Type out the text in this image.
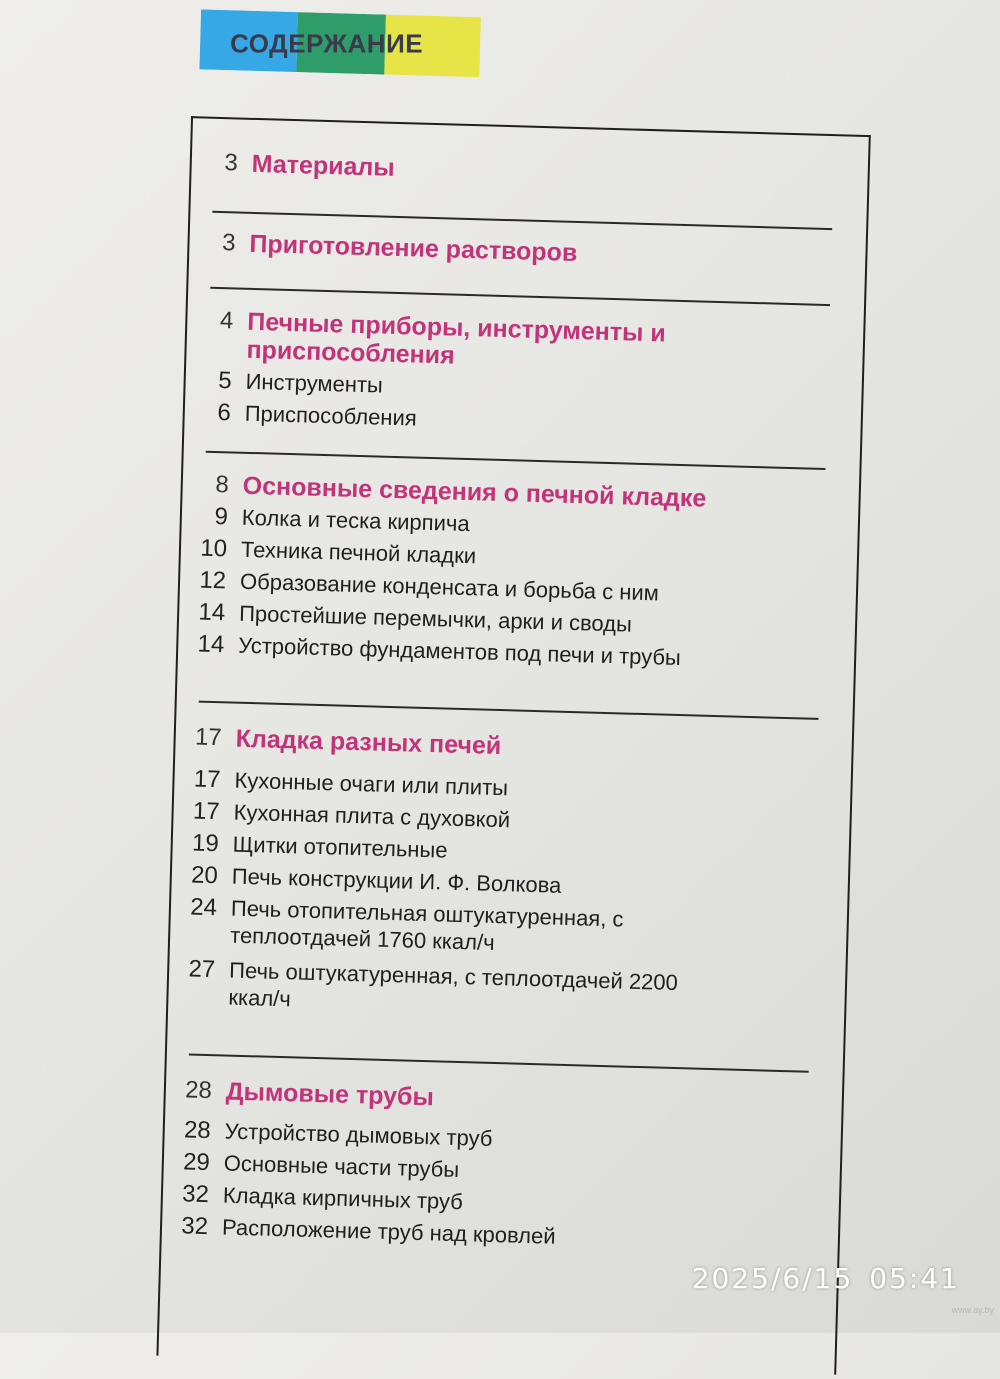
СОДЕРЖАНИЕ
3 Материалы
3 Приготовление растворов
4 Печные приборы, инструменты и приспособления
5 Инструменты
6 Приспособления
8 Основные сведения о печной кладке
9 Колка и теска кирпича
10 Техника печной кладки
12 Образование конденсата и борьба с ним
14 Простейшие перемычки, арки и своды
14 Устройство фундаментов под печи и трубы
17 Кладка разных печей
17 Кухонные очаги или плиты
17 Кухонная плита с духовкой
19 Щитки отопительные
20 Печь конструкции И. Ф. Волкова
24 Печь отопительная оштукатуренная, с теплоотдачей 1760 ккал/ч
27 Печь оштукатуренная, с теплоотдачей 2200 ккал/ч
28 Дымовые трубы
28 Устройство дымовых труб
29 Основные части трубы
32 Кладка кирпичных труб
32 Расположение труб над кровлей
2025/6/15 05:41
www.ay.by
